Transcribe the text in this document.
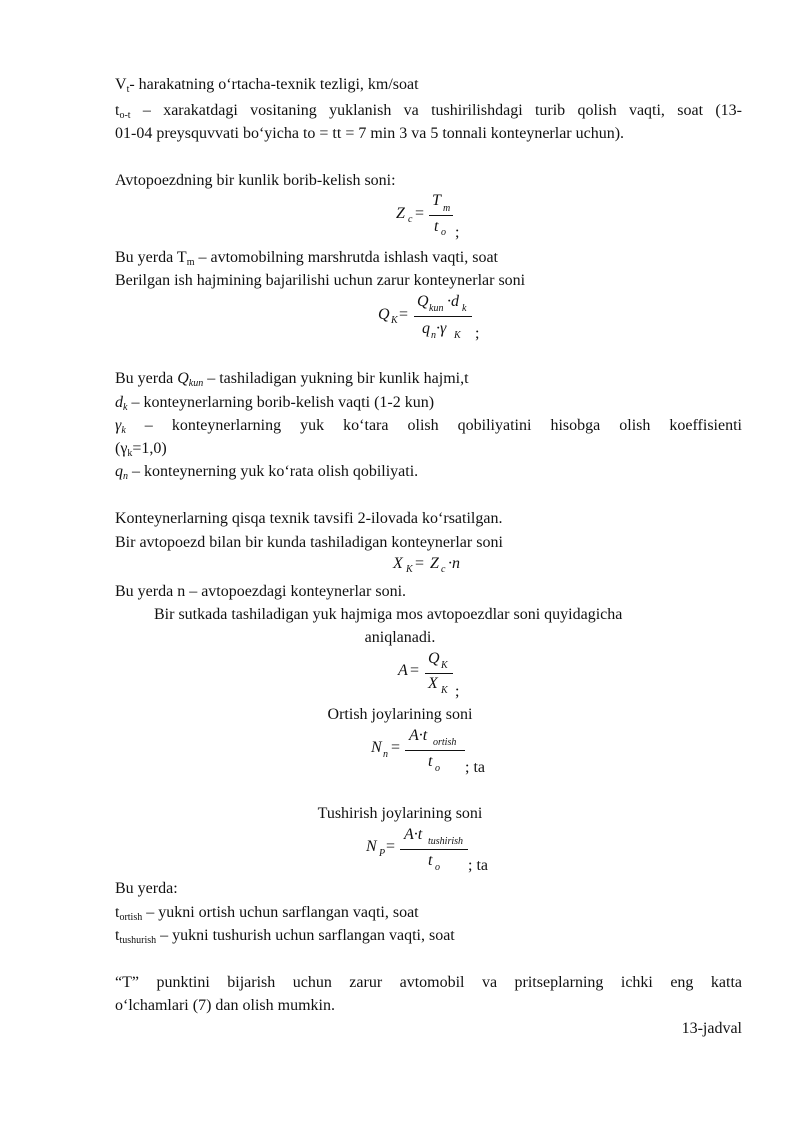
$V_t-$ harakatning o‘rtacha-texnik tezligi, km/soat
$t_{o-t}$ – xarakatdagi vositaning yuklanish va tushirilishdagi turib qolish vaqti, soat (13-
01-04 preysquvvati bo‘yicha to = tt = 7 min 3 va 5 tonnali konteynerlar uchun).
Avtopoezdning bir kunlik borib-kelish soni:
Z c =
T m
t o ;
Bu yerda $T_m$ – avtomobilning marshrutda ishlash vaqti, soat
Berilgan ish hajmining bajarilishi uchun zarur konteynerlar soni
Q K =
Q kun ·d k
q n ·γ K ;
Bu yerda $Q_{kun}$ – tashiladigan yukning bir kunlik hajmi,t
$d_k$ – konteynerlarning borib-kelish vaqti (1-2 kun)
$\gamma_k$ – konteynerlarning yuk ko‘tara olish qobiliyatini hisobga olish koeffisienti
$(\gamma_k=1,0)$
$q_n$ – konteynerning yuk ko‘rata olish qobiliyati.
Konteynerlarning qisqa texnik tavsifi 2-ilovada ko‘rsatilgan.
Bir avtopoezd bilan bir kunda tashiladigan konteynerlar soni
X K = Z c ·n
Bu yerda n – avtopoezdagi konteynerlar soni.
Bir sutkada tashiladigan yuk hajmiga mos avtopoezdlar soni quyidagicha
aniqlanadi.
A =
Q K
X K ;
Ortish joylarining soni
N n =
A·t ortish
t o ; ta
Tushirish joylarining soni
N P =
A·t tushirish
t o ; ta
Bu yerda:
$t_{ortish}$ – yukni ortish uchun sarflangan vaqti, soat
$t_{tushurish}$ – yukni tushurish uchun sarflangan vaqti, soat
“T” punktini bijarish uchun zarur avtomobil va pritseplarning ichki eng katta
o‘lchamlari (7) dan olish mumkin.
13-jadval
